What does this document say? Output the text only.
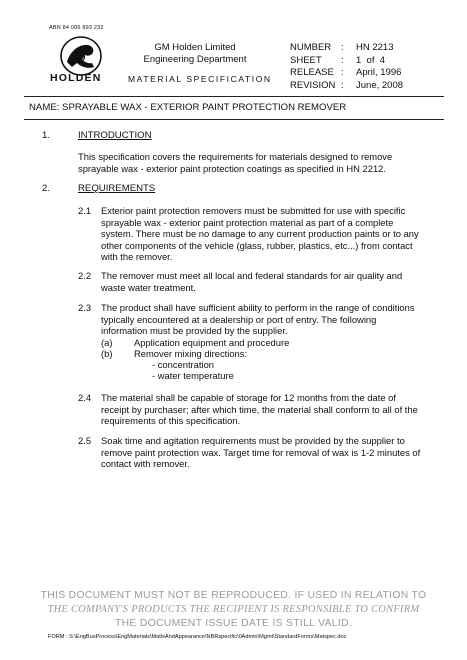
ABN 84 006 893 232
HOLDEN
GM Holden Limited
Engineering Department
MATERIAL SPECIFICATION
NUMBER	:	HN 2213
SHEET	:	1  of  4
RELEASE :	April, 1996
REVISION :	June, 2008
NAME: SPRAYABLE WAX - EXTERIOR PAINT PROTECTION REMOVER
1.	INTRODUCTION
This specification covers the requirements for materials designed to remove
sprayable wax - exterior paint protection coatings as specified in HN 2212.
2.	REQUIREMENTS
2.1	Exterior paint protection removers must be submitted for use with specific
sprayable wax - exterior paint protection material as part of a complete
system. There must be no damage to any current production paints or to any
other components of the vehicle (glass, rubber, plastics, etc...) from contact
with the remover.
2.2	The remover must meet all local and federal standards for air quality and
waste water treatment.
2.3	The product shall have sufficient ability to perform in the range of conditions
typically encountered at a dealership or port of entry. The following
information must be provided by the supplier.
(a)	Application equipment and procedure
(b)	Remover mixing directions:
- concentration
- water temperature
2.4	The material shall be capable of storage for 12 months from the date of
receipt by purchaser; after which time, the material shall conform to all of the
requirements of this specification.
2.5	Soak time and agitation requirements must be provided by the supplier to
remove paint protection wax. Target time for removal of wax is 1-2 minutes of
contact with remover.
THIS DOCUMENT MUST NOT BE REPRODUCED. IF USED IN RELATION TO
THE COMPANY'S PRODUCTS THE RECIPIENT IS RESPONSIBLE TO CONFIRM
THE DOCUMENT ISSUE DATE IS STILL VALID.
FORM : S:\EngBusProcess\EngMaterials\MatlsAndAppearance\NBRspecific\0Admin\Mgmt\StandardForms\Matspec.doc
